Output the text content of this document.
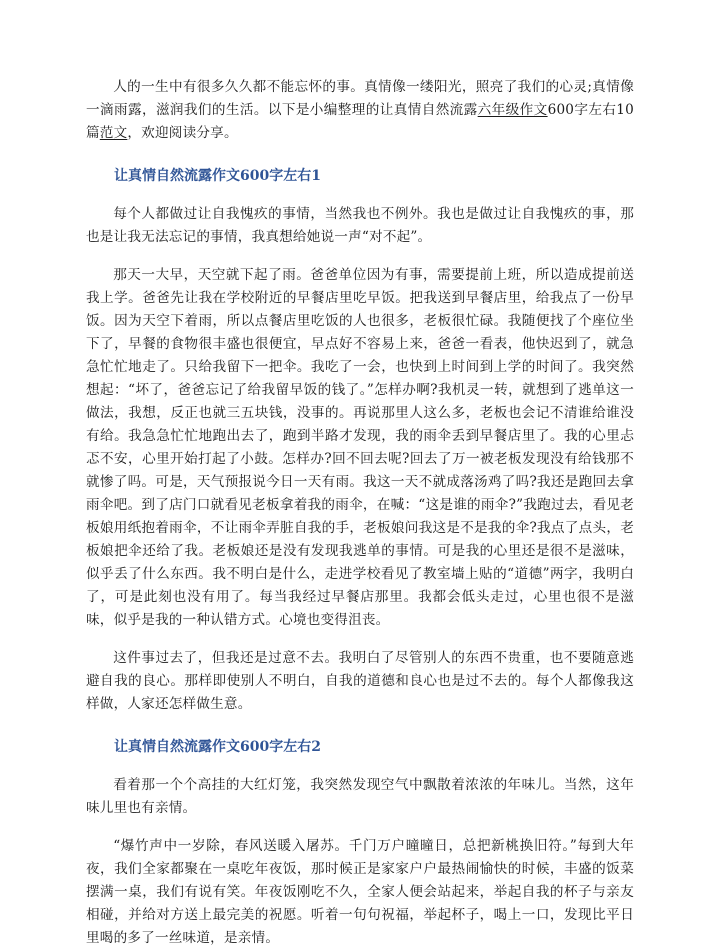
人的一生中有很多久久都不能忘怀的事。真情像一缕阳光，照亮了我们的心灵;真情像一滴雨露，滋润我们的生活。以下是小编整理的让真情自然流露六年级作文600字左右10篇范文，欢迎阅读分享。

让真情自然流露作文600字左右1

每个人都做过让自我愧疚的事情，当然我也不例外。我也是做过让自我愧疚的事，那也是让我无法忘记的事情，我真想给她说一声“对不起”。

那天一大早，天空就下起了雨。爸爸单位因为有事，需要提前上班，所以造成提前送我上学。爸爸先让我在学校附近的早餐店里吃早饭。把我送到早餐店里，给我点了一份早饭。因为天空下着雨，所以点餐店里吃饭的人也很多，老板很忙碌。我随便找了个座位坐下了，早餐的食物很丰盛也很便宜，早点好不容易上来，爸爸一看表，他快迟到了，就急急忙忙地走了。只给我留下一把伞。我吃了一会，也快到上时间到上学的时间了。我突然想起：“坏了，爸爸忘记了给我留早饭的钱了。”怎样办啊?我机灵一转，就想到了逃单这一做法，我想，反正也就三五块钱，没事的。再说那里人这么多，老板也会记不清谁给谁没有给。我急急忙忙地跑出去了，跑到半路才发现，我的雨伞丢到早餐店里了。我的心里忐忑不安，心里开始打起了小鼓。怎样办?回不回去呢?回去了万一被老板发现没有给钱那不就惨了吗。可是，天气预报说今日一天有雨。我这一天不就成落汤鸡了吗?我还是跑回去拿雨伞吧。到了店门口就看见老板拿着我的雨伞，在喊：“这是谁的雨伞?”我跑过去，看见老板娘用纸抱着雨伞，不让雨伞弄脏自我的手，老板娘问我这是不是我的伞?我点了点头，老板娘把伞还给了我。老板娘还是没有发现我逃单的事情。可是我的心里还是很不是滋味，似乎丢了什么东西。我不明白是什么，走进学校看见了教室墙上贴的“道德”两字，我明白了，可是此刻也没有用了。每当我经过早餐店那里。我都会低头走过，心里也很不是滋味，似乎是我的一种认错方式。心境也变得沮丧。

这件事过去了，但我还是过意不去。我明白了尽管别人的东西不贵重，也不要随意逃避自我的良心。那样即使别人不明白，自我的道德和良心也是过不去的。每个人都像我这样做，人家还怎样做生意。

让真情自然流露作文600字左右2

看着那一个个高挂的大红灯笼，我突然发现空气中飘散着浓浓的年味儿。当然，这年味儿里也有亲情。

“爆竹声中一岁除，春风送暖入屠苏。千门万户曈曈日，总把新桃换旧符。”每到大年夜，我们全家都聚在一桌吃年夜饭，那时候正是家家户户最热闹愉快的时候，丰盛的饭菜摆满一桌，我们有说有笑。年夜饭刚吃不久，全家人便会站起来，举起自我的杯子与亲友相碰，并给对方送上最完美的祝愿。听着一句句祝福，举起杯子，喝上一口，发现比平日里喝的多了一丝味道，是亲情。
